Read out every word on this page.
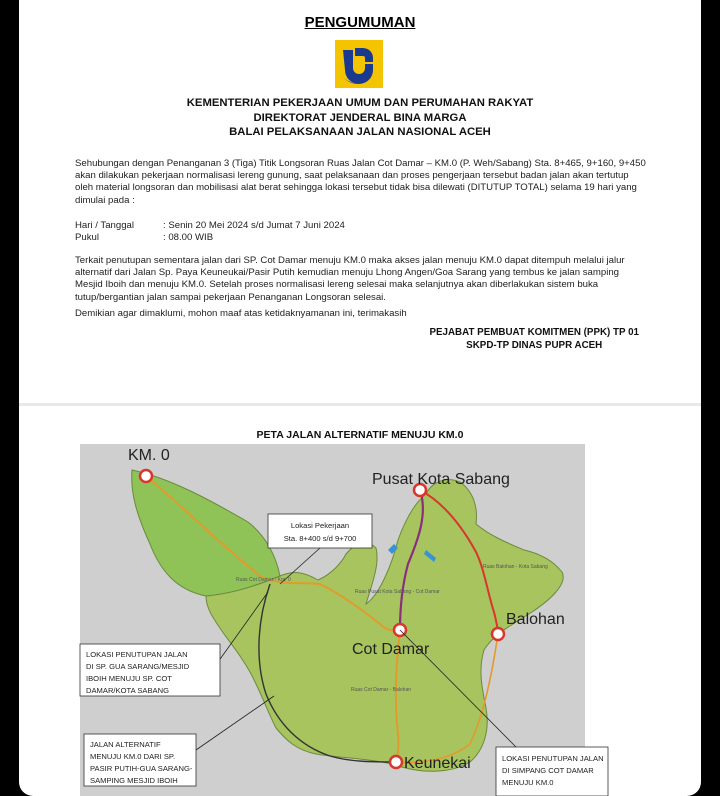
PENGUMUMAN
KEMENTERIAN PEKERJAAN UMUM DAN PERUMAHAN RAKYAT
DIREKTORAT JENDERAL BINA MARGA
BALAI PELAKSANAAN JALAN NASIONAL ACEH
Sehubungan dengan Penanganan 3 (Tiga) Titik Longsoran Ruas Jalan Cot Damar – KM.0 (P. Weh/Sabang) Sta. 8+465, 9+160, 9+450 akan dilakukan pekerjaan normalisasi lereng gunung, saat pelaksanaan dan proses pengerjaan tersebut badan jalan akan tertutup oleh material longsoran dan mobilisasi alat berat sehingga lokasi tersebut tidak bisa dilewati (DITUTUP TOTAL) selama 19 hari yang dimulai pada :
Hari / Tanggal	: Senin 20 Mei 2024 s/d Jumat 7 Juni 2024
Pukul	: 08.00 WIB
Terkait penutupan sementara jalan dari SP. Cot Damar menuju KM.0 maka akses jalan menuju KM.0 dapat ditempuh melalui jalur alternatif dari Jalan Sp. Paya Keuneukai/Pasir Putih kemudian menuju Lhong Angen/Goa Sarang yang tembus ke jalan samping Mesjid Iboih dan menuju KM.0. Setelah proses normalisasi lereng selesai maka selanjutnya akan diberlakukan sistem buka tutup/bergantian jalan sampai pekerjaan Penanganan Longsoran selesai.
Demikian agar dimaklumi, mohon maaf atas ketidaknyamanan ini, terimakasih
PEJABAT PEMBUAT KOMITMEN (PPK) TP 01
SKPD-TP DINAS PUPR ACEH
PETA JALAN ALTERNATIF MENUJU KM.0
Ruas Cot Damar - Km. 0
Ruas Pusat Kota Sabang - Cot Damar
Ruas Balohan - Kota Sabang
Ruas Cot Damar - Balohan
KM. 0
Pusat Kota Sabang
Balohan
Cot Damar
Keunekai
Lokasi Pekerjaan
Sta. 8+400 s/d 9+700
LOKASI PENUTUPAN JALAN
DI SP. GUA SARANG/MESJID
IBOIH MENUJU SP. COT
DAMAR/KOTA SABANG
JALAN ALTERNATIF
MENUJU KM.0 DARI SP.
PASIR PUTIH-GUA SARANG-
SAMPING MESJID IBOIH
LOKASI PENUTUPAN JALAN
DI SIMPANG COT DAMAR
MENUJU KM.0
